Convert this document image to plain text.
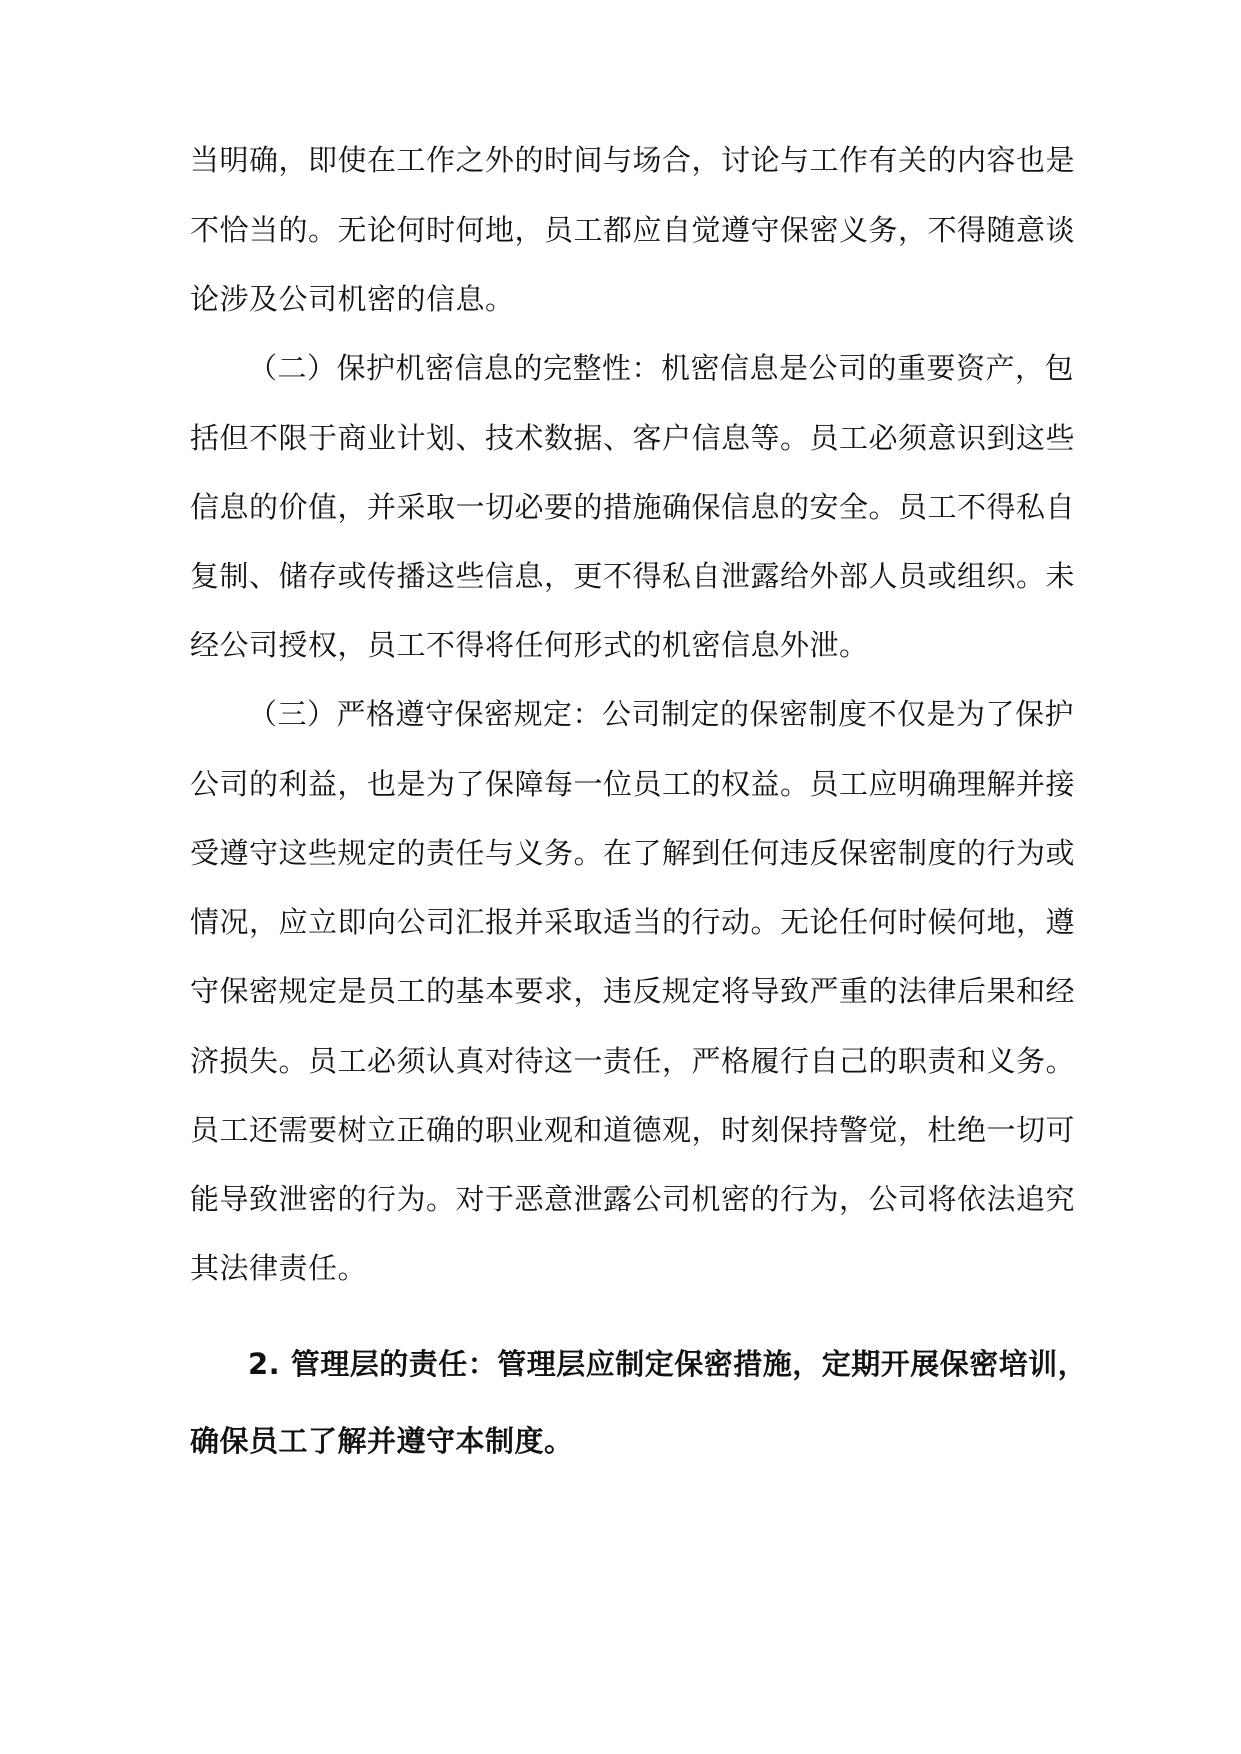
当明确，即使在工作之外的时间与场合，讨论与工作有关的内容也是
不恰当的。无论何时何地，员工都应自觉遵守保密义务，不得随意谈
论涉及公司机密的信息。
（二）保护机密信息的完整性：机密信息是公司的重要资产，包
括但不限于商业计划、技术数据、客户信息等。员工必须意识到这些
信息的价值，并采取一切必要的措施确保信息的安全。员工不得私自
复制、储存或传播这些信息，更不得私自泄露给外部人员或组织。未
经公司授权，员工不得将任何形式的机密信息外泄。
（三）严格遵守保密规定：公司制定的保密制度不仅是为了保护
公司的利益，也是为了保障每一位员工的权益。员工应明确理解并接
受遵守这些规定的责任与义务。在了解到任何违反保密制度的行为或
情况，应立即向公司汇报并采取适当的行动。无论任何时候何地，遵
守保密规定是员工的基本要求，违反规定将导致严重的法律后果和经
济损失。员工必须认真对待这一责任，严格履行自己的职责和义务。
员工还需要树立正确的职业观和道德观，时刻保持警觉，杜绝一切可
能导致泄密的行为。对于恶意泄露公司机密的行为，公司将依法追究
其法律责任。
2. 管理层的责任：管理层应制定保密措施，定期开展保密培训，
确保员工了解并遵守本制度。
